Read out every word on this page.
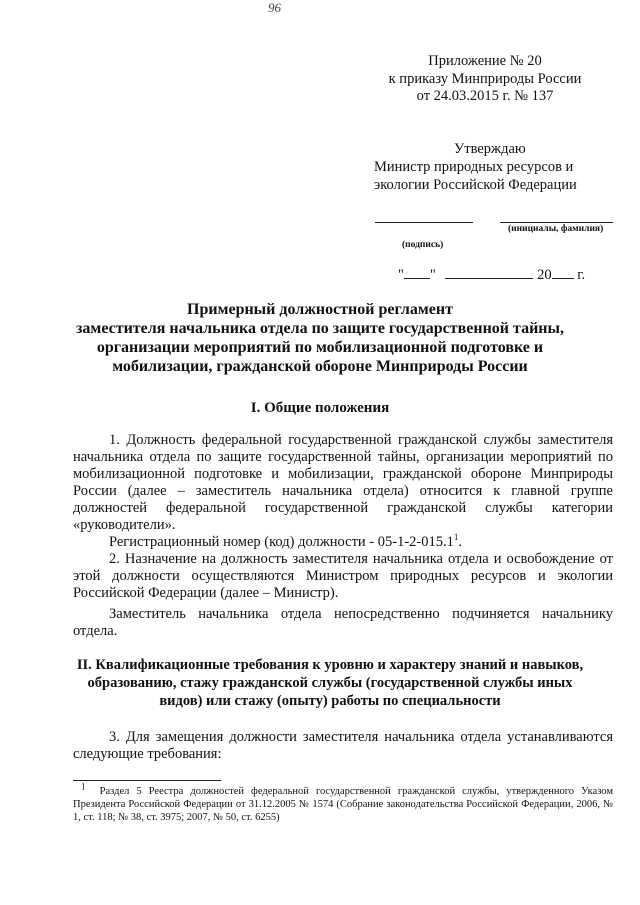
96
Приложение № 20
к приказу Минприроды России
от 24.03.2015 г. № 137
Утверждаю
Министр природных ресурсов и
экологии Российской Федерации
(инициалы, фамилия)
(подпись)
" "	20 г.
Примерный должностной регламент
заместителя начальника отдела по защите государственной тайны,
организации мероприятий по мобилизационной подготовке и
мобилизации, гражданской обороне Минприроды России
I. Общие положения

1. Должность федеральной государственной гражданской службы заместителя начальника отдела по защите государственной тайны, организации мероприятий по мобилизационной подготовке и мобилизации, гражданской обороне Минприроды России (далее – заместитель начальника отдела) относится к главной группе должностей федеральной государственной гражданской службы категории «руководители».

Регистрационный номер (код) должности - 05-1-2-015.1$^1$.

2. Назначение на должность заместителя начальника отдела и освобождение от этой должности осуществляются Министром природных ресурсов и экологии Российской Федерации (далее – Министр).

Заместитель начальника отдела непосредственно подчиняется начальнику отдела.

II. Квалификационные требования к уровню и характеру знаний и навыков,
образованию, стажу гражданской службы (государственной службы иных
видов) или стажу (опыту) работы по специальности

3. Для замещения должности заместителя начальника отдела устанавливаются следующие требования:

$^1$ Раздел 5 Реестра должностей федеральной государственной гражданской службы, утвержденного Указом Президента Российской Федерации от 31.12.2005 № 1574 (Собрание законодательства Российской Федерации, 2006, № 1, ст. 118; № 38, ст. 3975; 2007, № 50, ст. 6255)
